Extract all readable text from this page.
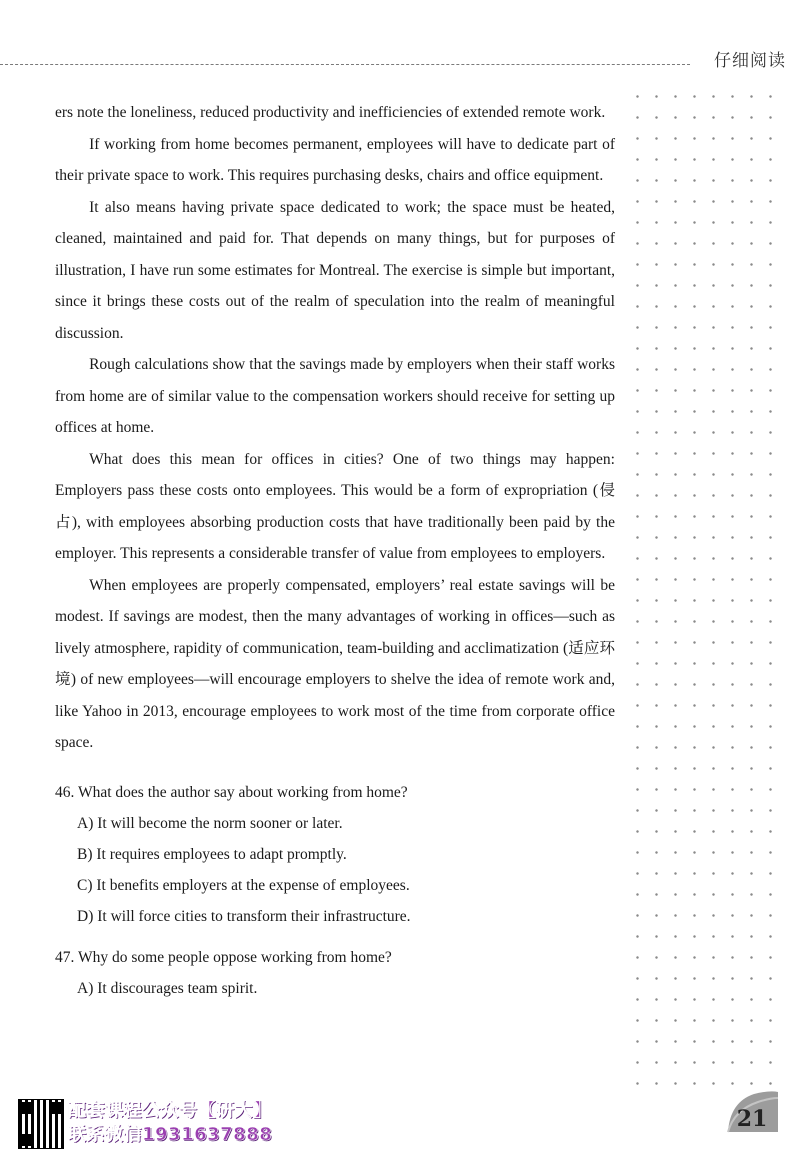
仔细阅读

ers note the loneliness, reduced productivity and inefficiencies of extended remote work.

If working from home becomes permanent, employees will have to dedicate part of their private space to work. This requires purchasing desks, chairs and office equipment.

It also means having private space dedicated to work; the space must be heated, cleaned, maintained and paid for. That depends on many things, but for purposes of illustration, I have run some estimates for Montreal. The exercise is simple but important, since it brings these costs out of the realm of speculation into the realm of meaningful discussion.

Rough calculations show that the savings made by employers when their staff works from home are of similar value to the compensation workers should receive for setting up offices at home.

What does this mean for offices in cities? One of two things may happen: Employers pass these costs onto employees. This would be a form of expropriation (侵占), with employees absorbing production costs that have traditionally been paid by the employer. This represents a considerable transfer of value from employees to employers.

When employees are properly compensated, employers’ real estate savings will be modest. If savings are modest, then the many advantages of working in offices—such as lively atmosphere, rapidity of communication, team-building and acclimatization (适应环境) of new employees—will encourage employers to shelve the idea of remote work and, like Yahoo in 2013, encourage employees to work most of the time from corporate office space.

46. What does the author say about working from home?

A) It will become the norm sooner or later.

B) It requires employees to adapt promptly.

C) It benefits employers at the expense of employees.

D) It will force cities to transform their infrastructure.

47. Why do some people oppose working from home?

A) It discourages team spirit.

21
配套课程公众号【研大】
联系微信1931637888
